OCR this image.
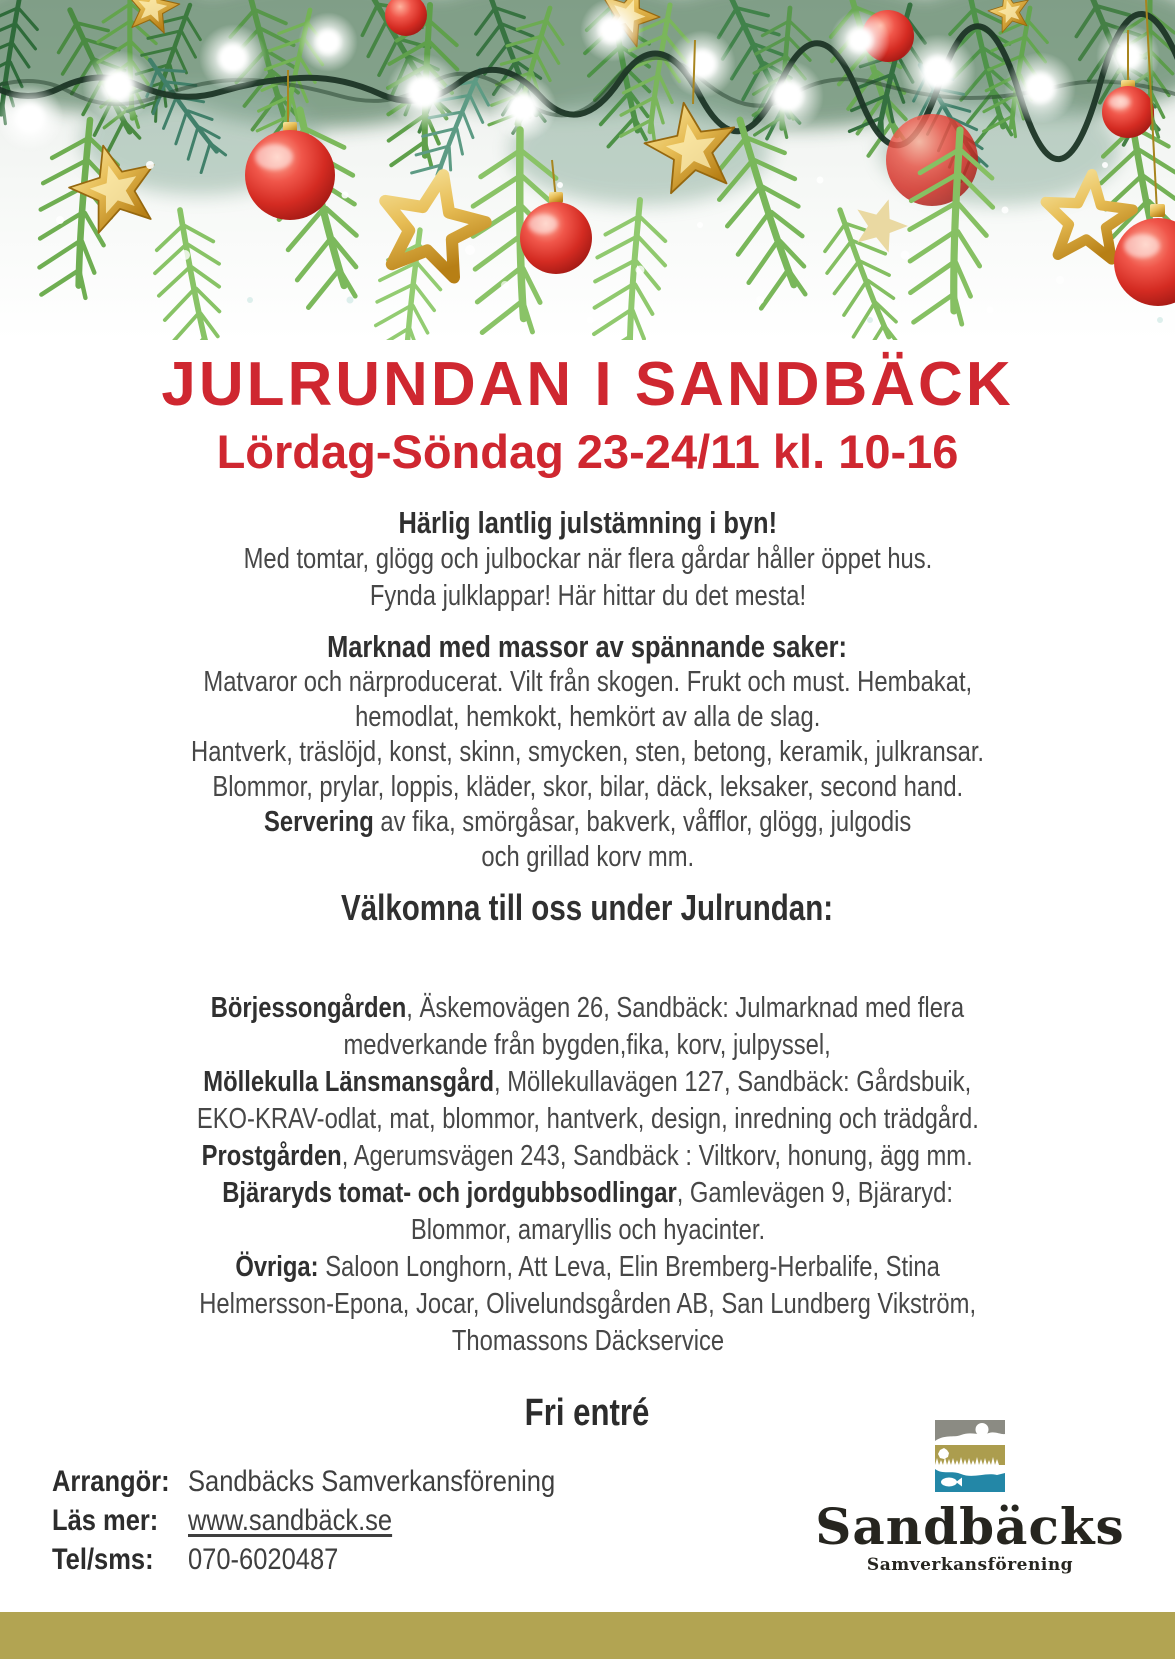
JULRUNDAN I SANDBÄCK
Lördag-Söndag 23-24/11 kl. 10-16
Härlig lantlig julstämning i byn!
Med tomtar, glögg och julbockar när flera gårdar håller öppet hus.
Fynda julklappar! Här hittar du det mesta!
Marknad med massor av spännande saker:
Matvaror och närproducerat. Vilt från skogen. Frukt och must. Hembakat,
hemodlat, hemkokt, hemkört av alla de slag.
Hantverk, träslöjd, konst, skinn, smycken, sten, betong, keramik, julkransar.
Blommor, prylar, loppis, kläder, skor, bilar, däck, leksaker, second hand.
Servering av fika, smörgåsar, bakverk, våfflor, glögg, julgodis
och grillad korv mm.
Välkomna till oss under Julrundan:
Börjessongården, Äskemovägen 26, Sandbäck: Julmarknad med flera
medverkande från bygden,fika, korv, julpyssel,
Möllekulla Länsmansgård, Möllekullavägen 127, Sandbäck: Gårdsbuik,
EKO-KRAV-odlat, mat, blommor, hantverk, design, inredning och trädgård.
Prostgården, Agerumsvägen 243, Sandbäck : Viltkorv, honung, ägg mm.
Bjäraryds tomat- och jordgubbsodlingar, Gamlevägen 9, Bjäraryd:
Blommor, amaryllis och hyacinter.
Övriga: Saloon Longhorn, Att Leva, Elin Bremberg-Herbalife, Stina
Helmersson-Epona, Jocar, Olivelundsgården AB, San Lundberg Vikström,
Thomassons Däckservice
Fri entré
Arrangör: Sandbäcks Samverkansförening
Läs mer: www.sandbäck.se
Tel/sms:	070-6020487
Sandbäcks
Samverkansförening
